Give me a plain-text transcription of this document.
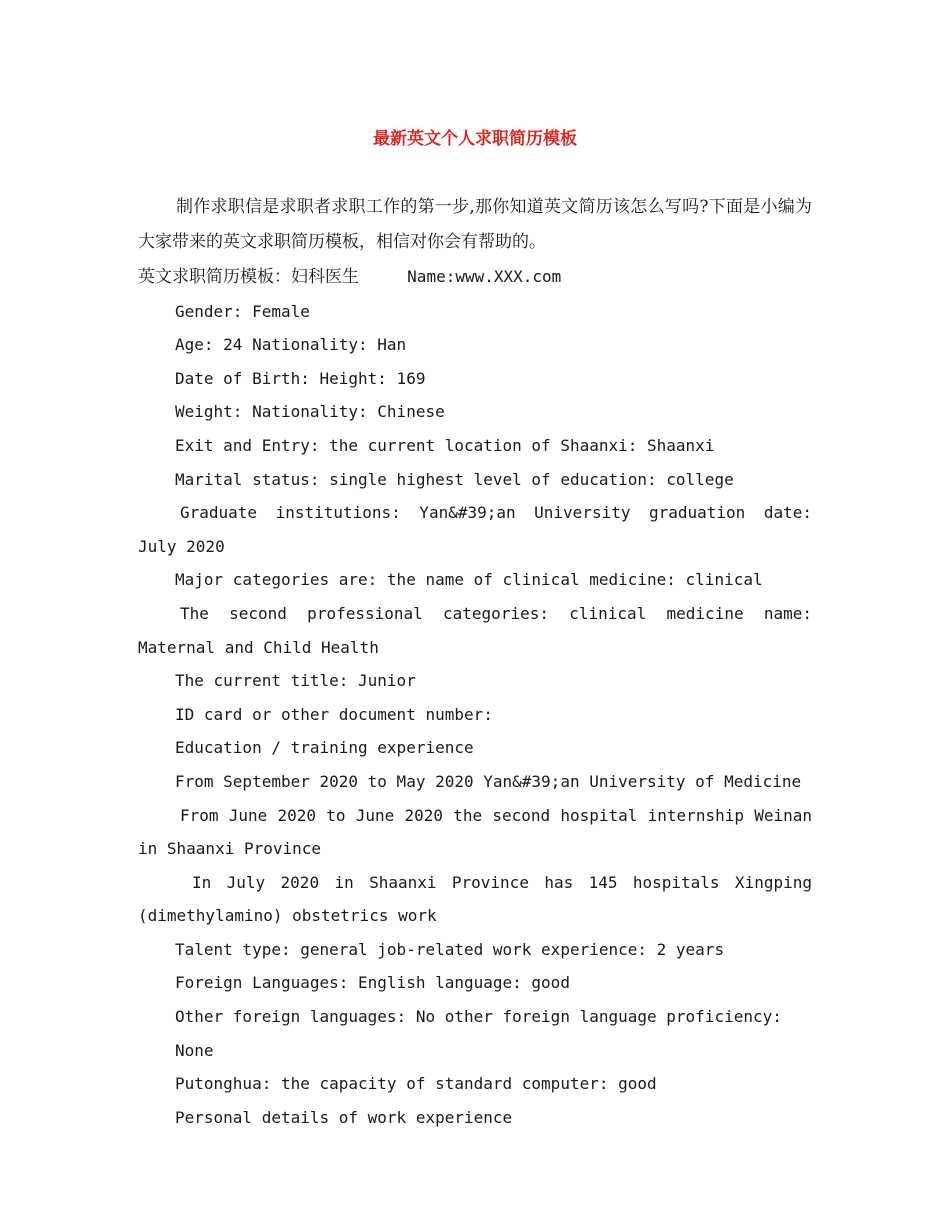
最新英文个人求职简历模板

制作求职信是求职者求职工作的第一步,那你知道英文简历该怎么写吗?下面是小编为大家带来的英文求职简历模板，相信对你会有帮助的。

英文求职简历模板：妇科医生	Name:www.XXX.com

Gender: Female

Age: 24 Nationality: Han

Date of Birth: Height: 169

Weight: Nationality: Chinese

Exit and Entry: the current location of Shaanxi: Shaanxi

Marital status: single highest level of education: college

Graduate institutions: Yan&#39;an University graduation date: July 2020

Major categories are: the name of clinical medicine: clinical

The second professional categories: clinical medicine name: Maternal and Child Health

The current title: Junior

ID card or other document number:

Education / training experience

From September 2020 to May 2020 Yan&#39;an University of Medicine

From June 2020 to June 2020 the second hospital internship Weinan in Shaanxi Province

In July 2020 in Shaanxi Province has 145 hospitals Xingping (dimethylamino) obstetrics work

Talent type: general job-related work experience: 2 years

Foreign Languages: English language: good

Other foreign languages: No other foreign language proficiency: None

Putonghua: the capacity of standard computer: good

Personal details of work experience
